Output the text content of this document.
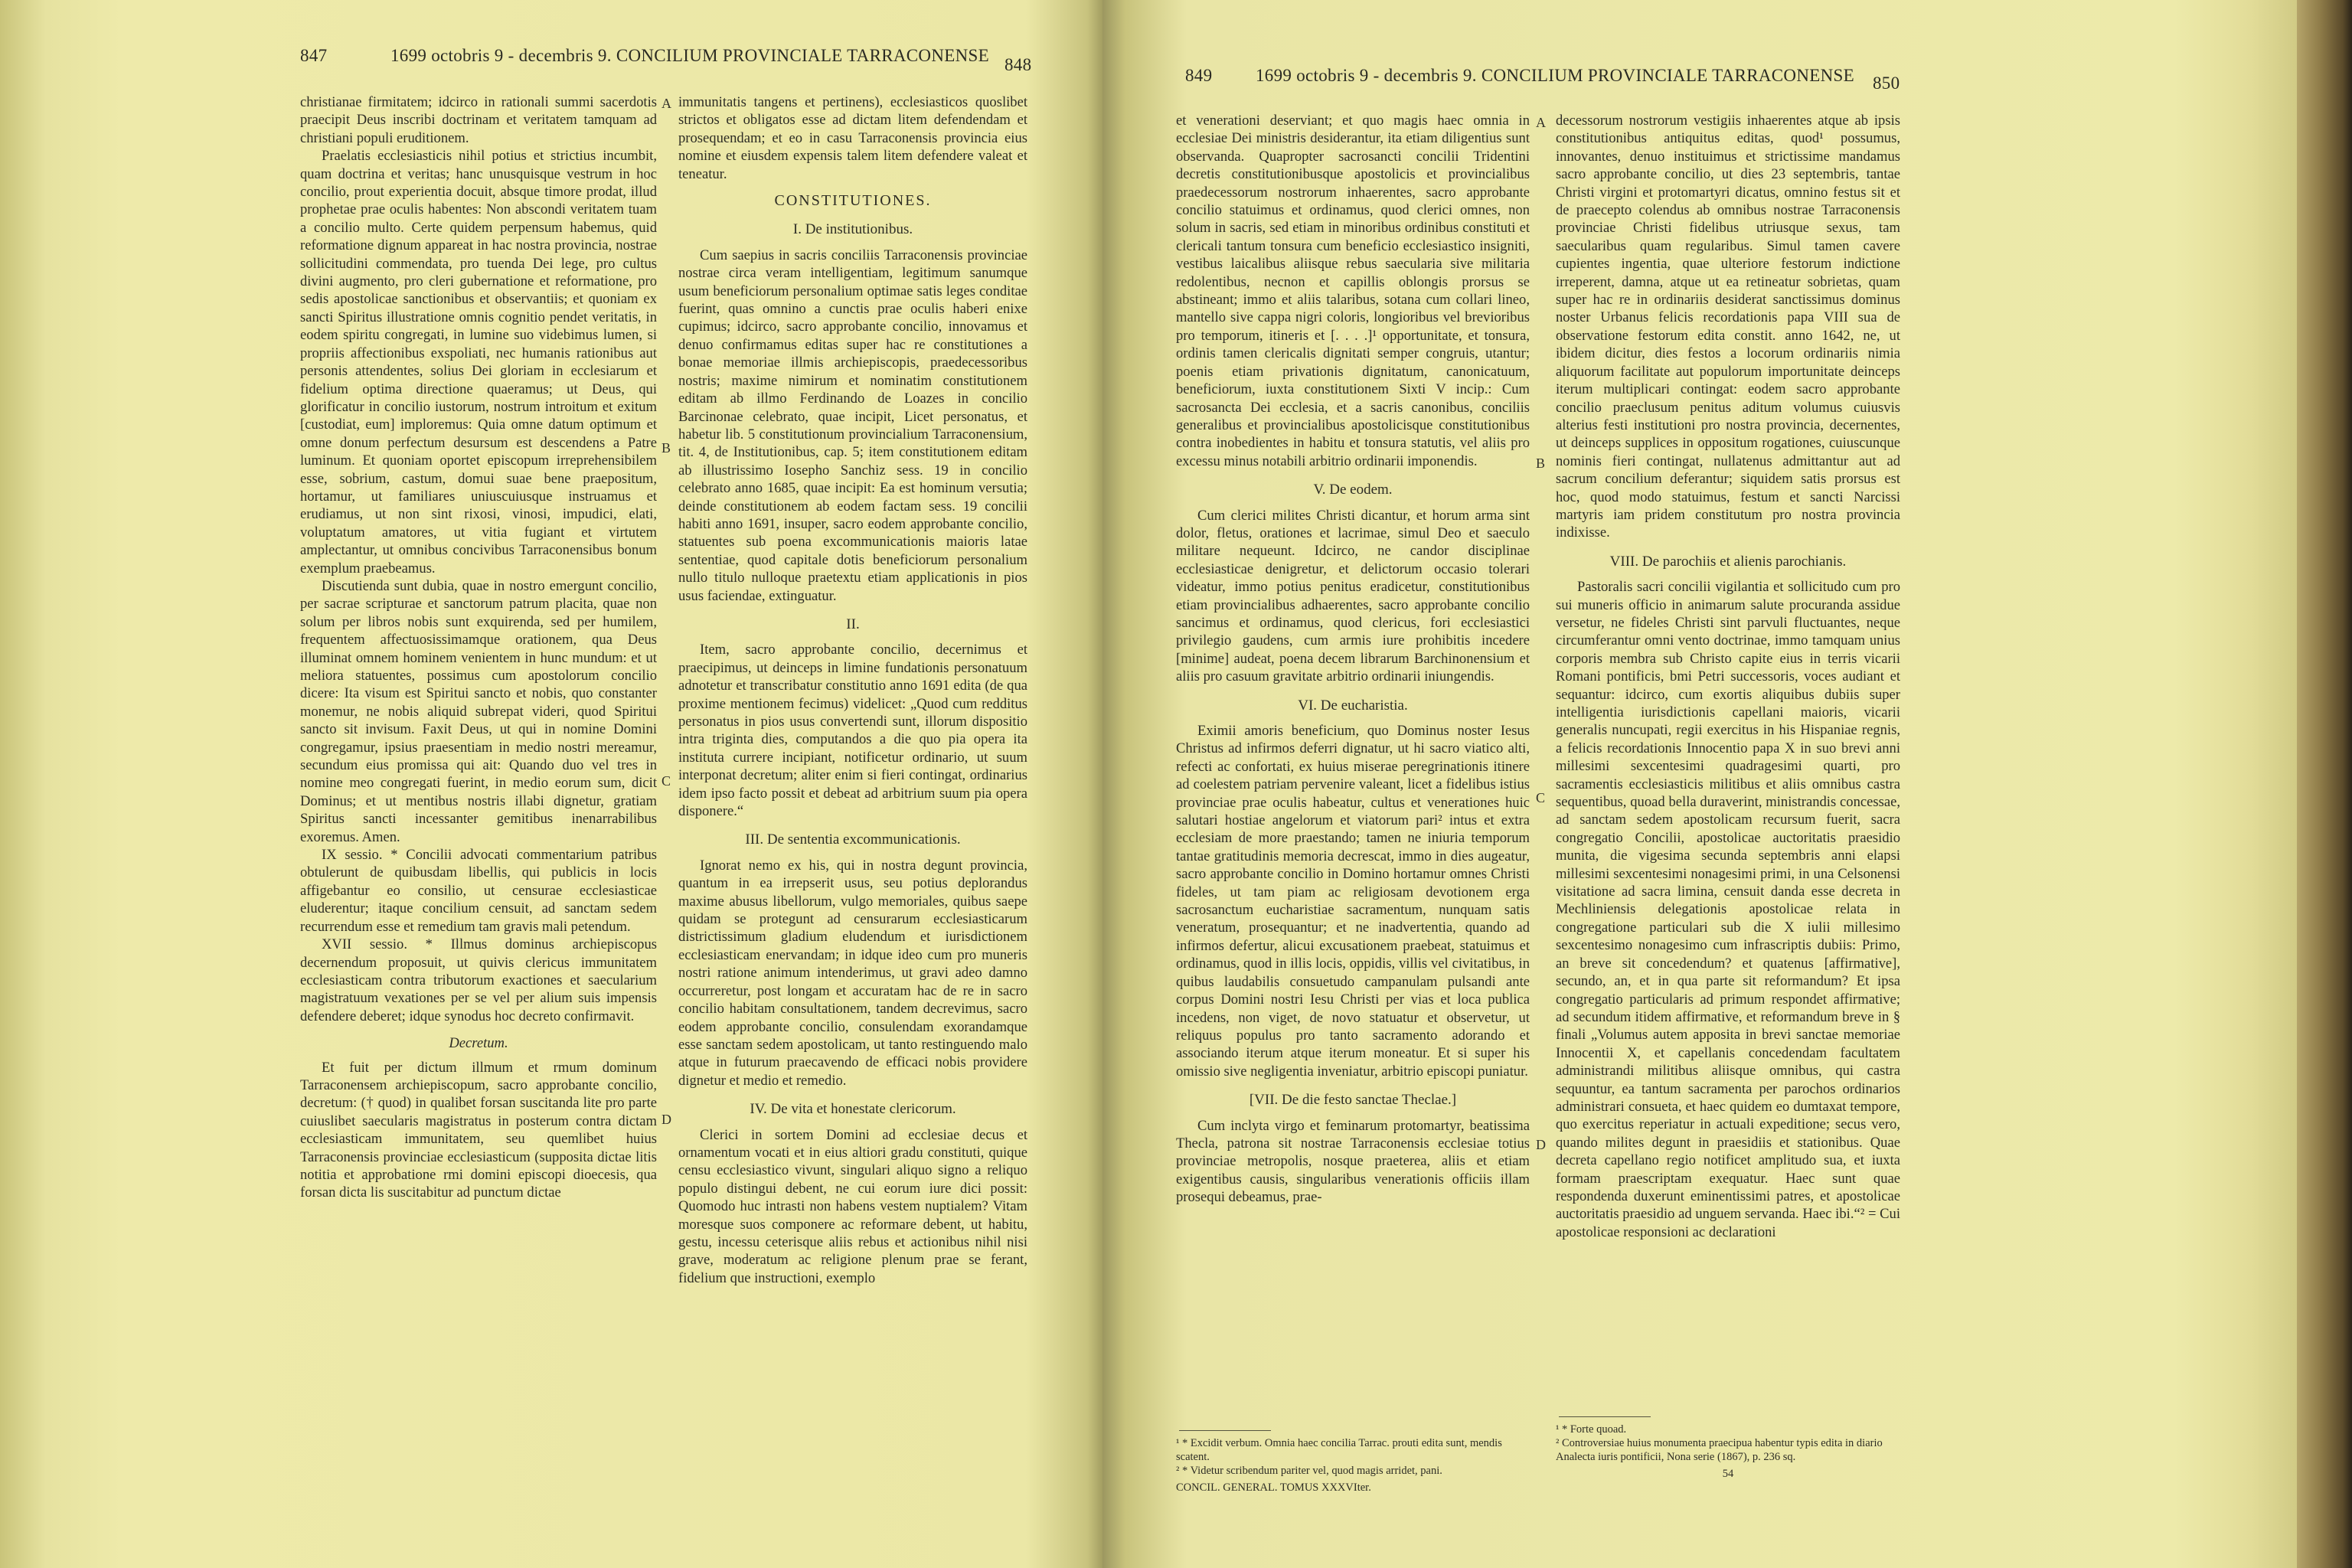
847	1699 octobris 9 - decembris 9. CONCILIUM PROVINCIALE TARRACONENSE 848

christianae firmitatem; idcirco in rationali summi sacerdotis praecipit Deus inscribi doctrinam et veritatem tamquam ad christiani populi eruditionem.

Praelatis ecclesiasticis nihil potius et strictius incumbit, quam doctrina et veritas; hanc unusquisque vestrum in hoc concilio, prout experientia docuit, absque timore prodat, illud prophetae prae oculis habentes: Non abscondi veritatem tuam a concilio multo. Certe quidem perpensum habemus, quid reformatione dignum appareat in hac nostra provincia, nostrae sollicitudini commendata, pro tuenda Dei lege, pro cultus divini augmento, pro cleri gubernatione et reformatione, pro sedis apostolicae sanctionibus et observantiis; et quoniam ex sancti Spiritus illustratione omnis cognitio pendet veritatis, in eodem spiritu congregati, in lumine suo videbimus lumen, si propriis affectionibus exspoliati, nec humanis rationibus aut personis attendentes, solius Dei gloriam in ecclesiarum et fidelium optima directione quaeramus; ut Deus, qui glorificatur in concilio iustorum, nostrum introitum et exitum [custodiat, eum] imploremus: Quia omne datum optimum et omne donum perfectum desursum est descendens a Patre luminum. Et quoniam oportet episcopum irreprehensibilem esse, sobrium, castum, domui suae bene praepositum, hortamur, ut familiares uniuscuiusque instruamus et erudiamus, ut non sint rixosi, vinosi, impudici, elati, voluptatum amatores, ut vitia fugiant et virtutem amplectantur, ut omnibus concivibus Tarraconensibus bonum exemplum praebeamus.

Discutienda sunt dubia, quae in nostro emergunt concilio, per sacrae scripturae et sanctorum patrum placita, quae non solum per libros nobis sunt exquirenda, sed per humilem, frequentem affectuosissimamque orationem, qua Deus illuminat omnem hominem venientem in hunc mundum: et ut meliora statuentes, possimus cum apostolorum concilio dicere: Ita visum est Spiritui sancto et nobis, quo constanter monemur, ne nobis aliquid subrepat videri, quod Spiritui sancto sit invisum. Faxit Deus, ut qui in nomine Domini congregamur, ipsius praesentiam in medio nostri mereamur, secundum eius promissa qui ait: Quando duo vel tres in nomine meo congregati fuerint, in medio eorum sum, dicit Dominus; et ut mentibus nostris illabi dignetur, gratiam Spiritus sancti incessanter gemitibus inenarrabilibus exoremus. Amen.

IX sessio. * Concilii advocati commentarium patribus obtulerunt de quibusdam libellis, qui publicis in locis affigebantur eo consilio, ut censurae ecclesiasticae eluderentur; itaque concilium censuit, ad sanctam sedem recurrendum esse et remedium tam gravis mali petendum.

XVII sessio. * Illmus dominus archiepiscopus decernendum proposuit, ut quivis clericus immunitatem ecclesiasticam contra tributorum exactiones et saecularium magistratuum vexationes per se vel per alium suis impensis defendere deberet; idque synodus hoc decreto confirmavit.

Decretum.

Et fuit per dictum illmum et rmum dominum Tarraconensem archiepiscopum, sacro approbante concilio, decretum: († quod) in qualibet forsan suscitanda lite pro parte cuiuslibet saecularis magistratus in posterum contra dictam ecclesiasticam immunitatem, seu quemlibet huius Tarraconensis provinciae ecclesiasticum (supposita dictae litis notitia et approbatione rmi domini episcopi dioecesis, qua forsan dicta lis suscitabitur ad punctum dictae

A
B
C
D

immunitatis tangens et pertinens), ecclesiasticos quoslibet strictos et obligatos esse ad dictam litem defendendam et prosequendam; et eo in casu Tarraconensis provincia eius nomine et eiusdem expensis talem litem defendere valeat et teneatur.

CONSTITUTIONES.
I. De institutionibus.

Cum saepius in sacris conciliis Tarraconensis provinciae nostrae circa veram intelligentiam, legitimum sanumque usum beneficiorum personalium optimae satis leges conditae fuerint, quas omnino a cunctis prae oculis haberi enixe cupimus; idcirco, sacro approbante concilio, innovamus et denuo confirmamus editas super hac re constitutiones a bonae memoriae illmis archiepiscopis, praedecessoribus nostris; maxime nimirum et nominatim constitutionem editam ab illmo Ferdinando de Loazes in concilio Barcinonae celebrato, quae incipit, Licet personatus, et habetur lib. 5 constitutionum provincialium Tarraconensium, tit. 4, de Institutionibus, cap. 5; item constitutionem editam ab illustrissimo Iosepho Sanchiz sess. 19 in concilio celebrato anno 1685, quae incipit: Ea est hominum versutia; deinde constitutionem ab eodem factam sess. 19 concilii habiti anno 1691, insuper, sacro eodem approbante concilio, statuentes sub poena excommunicationis maioris latae sententiae, quod capitale dotis beneficiorum personalium nullo titulo nulloque praetextu etiam applicationis in pios usus faciendae, extinguatur.

II.

Item, sacro approbante concilio, decernimus et praecipimus, ut deinceps in limine fundationis personatuum adnotetur et transcribatur constitutio anno 1691 edita (de qua proxime mentionem fecimus) videlicet: „Quod cum redditus personatus in pios usus convertendi sunt, illorum dispositio intra triginta dies, computandos a die quo pia opera ita instituta currere incipiant, notificetur ordinario, ut suum interponat decretum; aliter enim si fieri contingat, ordinarius idem ipso facto possit et debeat ad arbitrium suum pia opera disponere.“

III. De sententia excommunicationis.

Ignorat nemo ex his, qui in nostra degunt provincia, quantum in ea irrepserit usus, seu potius deplorandus maxime abusus libellorum, vulgo memoriales, quibus saepe quidam se protegunt ad censurarum ecclesiasticarum districtissimum gladium eludendum et iurisdictionem ecclesiasticam enervandam; in idque ideo cum pro muneris nostri ratione animum intenderimus, ut gravi adeo damno occurreretur, post longam et accuratam hac de re in sacro concilio habitam consultationem, tandem decrevimus, sacro eodem approbante concilio, consulendam exorandamque esse sanctam sedem apostolicam, ut tanto restinguendo malo atque in futurum praecavendo de efficaci nobis providere dignetur et medio et remedio.

IV. De vita et honestate clericorum.

Clerici in sortem Domini ad ecclesiae decus et ornamentum vocati et in eius altiori gradu constituti, quique censu ecclesiastico vivunt, singulari aliquo signo a reliquo populo distingui debent, ne cui eorum iure dici possit: Quomodo huc intrasti non habens vestem nuptialem? Vitam moresque suos componere ac reformare debent, ut habitu, gestu, incessu ceterisque aliis rebus et actionibus nihil nisi grave, moderatum ac religione plenum prae se ferant, fidelium que instructioni, exemplo

849 1699 octobris 9 - decembris 9. CONCILIUM PROVINCIALE TARRACONENSE 850

et venerationi deserviant; et quo magis haec omnia in ecclesiae Dei ministris desiderantur, ita etiam diligentius sunt observanda. Quapropter sacrosancti concilii Tridentini decretis constitutionibusque apostolicis et provincialibus praedecessorum nostrorum inhaerentes, sacro approbante concilio statuimus et ordinamus, quod clerici omnes, non solum in sacris, sed etiam in minoribus ordinibus constituti et clericali tantum tonsura cum beneficio ecclesiastico insigniti, vestibus laicalibus aliisque rebus saecularia sive militaria redolentibus, necnon et capillis oblongis prorsus se abstineant; immo et aliis talaribus, sotana cum collari lineo, mantello sive cappa nigri coloris, longioribus vel brevioribus pro temporum, itineris et [. . . .]¹ opportunitate, et tonsura, ordinis tamen clericalis dignitati semper congruis, utantur; poenis etiam privationis dignitatum, canonicatuum, beneficiorum, iuxta constitutionem Sixti V incip.: Cum sacrosancta Dei ecclesia, et a sacris canonibus, conciliis generalibus et provincialibus apostolicisque constitutionibus contra inobedientes in habitu et tonsura statutis, vel aliis pro excessu minus notabili arbitrio ordinarii imponendis.

V. De eodem.

Cum clerici milites Christi dicantur, et horum arma sint dolor, fletus, orationes et lacrimae, simul Deo et saeculo militare nequeunt. Idcirco, ne candor disciplinae ecclesiasticae denigretur, et delictorum occasio tolerari videatur, immo potius penitus eradicetur, constitutionibus etiam provincialibus adhaerentes, sacro approbante concilio sancimus et ordinamus, quod clericus, fori ecclesiastici privilegio gaudens, cum armis iure prohibitis incedere [minime] audeat, poena decem librarum Barchinonensium et aliis pro casuum gravitate arbitrio ordinarii iniungendis.

VI. De eucharistia.

Eximii amoris beneficium, quo Dominus noster Iesus Christus ad infirmos deferri dignatur, ut hi sacro viatico alti, refecti ac confortati, ex huius miserae peregrinationis itinere ad coelestem patriam pervenire valeant, licet a fidelibus istius provinciae prae oculis habeatur, cultus et venerationes huic salutari hostiae angelorum et viatorum pari² intus et extra ecclesiam de more praestando; tamen ne iniuria temporum tantae gratitudinis memoria decrescat, immo in dies augeatur, sacro approbante concilio in Domino hortamur omnes Christi fideles, ut tam piam ac religiosam devotionem erga sacrosanctum eucharistiae sacramentum, nunquam satis veneratum, prosequantur; et ne inadvertentia, quando ad infirmos defertur, alicui excusationem praebeat, statuimus et ordinamus, quod in illis locis, oppidis, villis vel civitatibus, in quibus laudabilis consuetudo campanulam pulsandi ante corpus Domini nostri Iesu Christi per vias et loca publica incedens, non viget, de novo statuatur et observetur, ut reliquus populus pro tanto sacramento adorando et associando iterum atque iterum moneatur. Et si super his omissio sive negligentia inveniatur, arbitrio episcopi puniatur.

[VII. De die festo sanctae Theclae.]

Cum inclyta virgo et feminarum protomartyr, beatissima Thecla, patrona sit nostrae Tarraconensis ecclesiae totius provinciae metropolis, nosque praeterea, aliis et etiam exigentibus causis, singularibus venerationis officiis illam prosequi debeamus, prae-

A
B
C
D

decessorum nostrorum vestigiis inhaerentes atque ab ipsis constitutionibus antiquitus editas, quod¹ possumus, innovantes, denuo instituimus et strictissime mandamus sacro approbante concilio, ut dies 23 septembris, tantae Christi virgini et protomartyri dicatus, omnino festus sit et de praecepto colendus ab omnibus nostrae Tarraconensis provinciae Christi fidelibus utriusque sexus, tam saecularibus quam regularibus. Simul tamen cavere cupientes ingentia, quae ulteriore festorum indictione irreperent, damna, atque ut ea retineatur sobrietas, quam super hac re in ordinariis desiderat sanctissimus dominus noster Urbanus felicis recordationis papa VIII sua de observatione festorum edita constit. anno 1642, ne, ut ibidem dicitur, dies festos a locorum ordinariis nimia aliquorum facilitate aut populorum importunitate deinceps iterum multiplicari contingat: eodem sacro approbante concilio praeclusum penitus aditum volumus cuiusvis alterius festi institutioni pro nostra provincia, decernentes, ut deinceps supplices in oppositum rogationes, cuiuscunque nominis fieri contingat, nullatenus admittantur aut ad sacrum concilium deferantur; siquidem satis prorsus est hoc, quod modo statuimus, festum et sancti Narcissi martyris iam pridem constitutum pro nostra provincia indixisse.

VIII. De parochiis et alienis parochianis.

Pastoralis sacri concilii vigilantia et sollicitudo cum pro sui muneris officio in animarum salute procuranda assidue versetur, ne fideles Christi sint parvuli fluctuantes, neque circumferantur omni vento doctrinae, immo tamquam unius corporis membra sub Christo capite eius in terris vicarii Romani pontificis, bmi Petri successoris, voces audiant et sequantur: idcirco, cum exortis aliquibus dubiis super intelligentia iurisdictionis capellani maioris, vicarii generalis nuncupati, regii exercitus in his Hispaniae regnis, a felicis recordationis Innocentio papa X in suo brevi anni millesimi sexcentesimi quadragesimi quarti, pro sacramentis ecclesiasticis militibus et aliis omnibus castra sequentibus, quoad bella duraverint, ministrandis concessae, ad sanctam sedem apostolicam recursum fuerit, sacra congregatio Concilii, apostolicae auctoritatis praesidio munita, die vigesima secunda septembris anni elapsi millesimi sexcentesimi nonagesimi primi, in una Celsonensi visitatione ad sacra limina, censuit danda esse decreta in Mechliniensis delegationis apostolicae relata in congregatione particulari sub die X iulii millesimo sexcentesimo nonagesimo cum infrascriptis dubiis: Primo, an breve sit concedendum? et quatenus [affirmative], secundo, an, et in qua parte sit reformandum? Et ipsa congregatio particularis ad primum respondet affirmative; ad secundum itidem affirmative, et reformandum breve in § finali „Volumus autem apposita in brevi sanctae memoriae Innocentii X, et capellanis concedendam facultatem administrandi militibus aliisque omnibus, qui castra sequuntur, ea tantum sacramenta per parochos ordinarios administrari consueta, et haec quidem eo dumtaxat tempore, quo exercitus reperiatur in actuali expeditione; secus vero, quando milites degunt in praesidiis et stationibus. Quae decreta capellano regio notificet amplitudo sua, et iuxta formam praescriptam exequatur. Haec sunt quae respondenda duxerunt eminentissimi patres, et apostolicae auctoritatis praesidio ad unguem servanda. Haec ibi.“² = Cui apostolicae responsioni ac declarationi

¹ * Excidit verbum. Omnia haec concilia Tarrac. prouti edita sunt, mendis scatent.
² * Videtur scribendum pariter vel, quod magis arridet, pani.
CONCIL. GENERAL. TOMUS XXXVIter.
¹ * Forte quoad.
² Controversiae huius monumenta praecipua habentur typis edita in diario Analecta iuris pontificii, Nona serie (1867), p. 236 sq.
54
